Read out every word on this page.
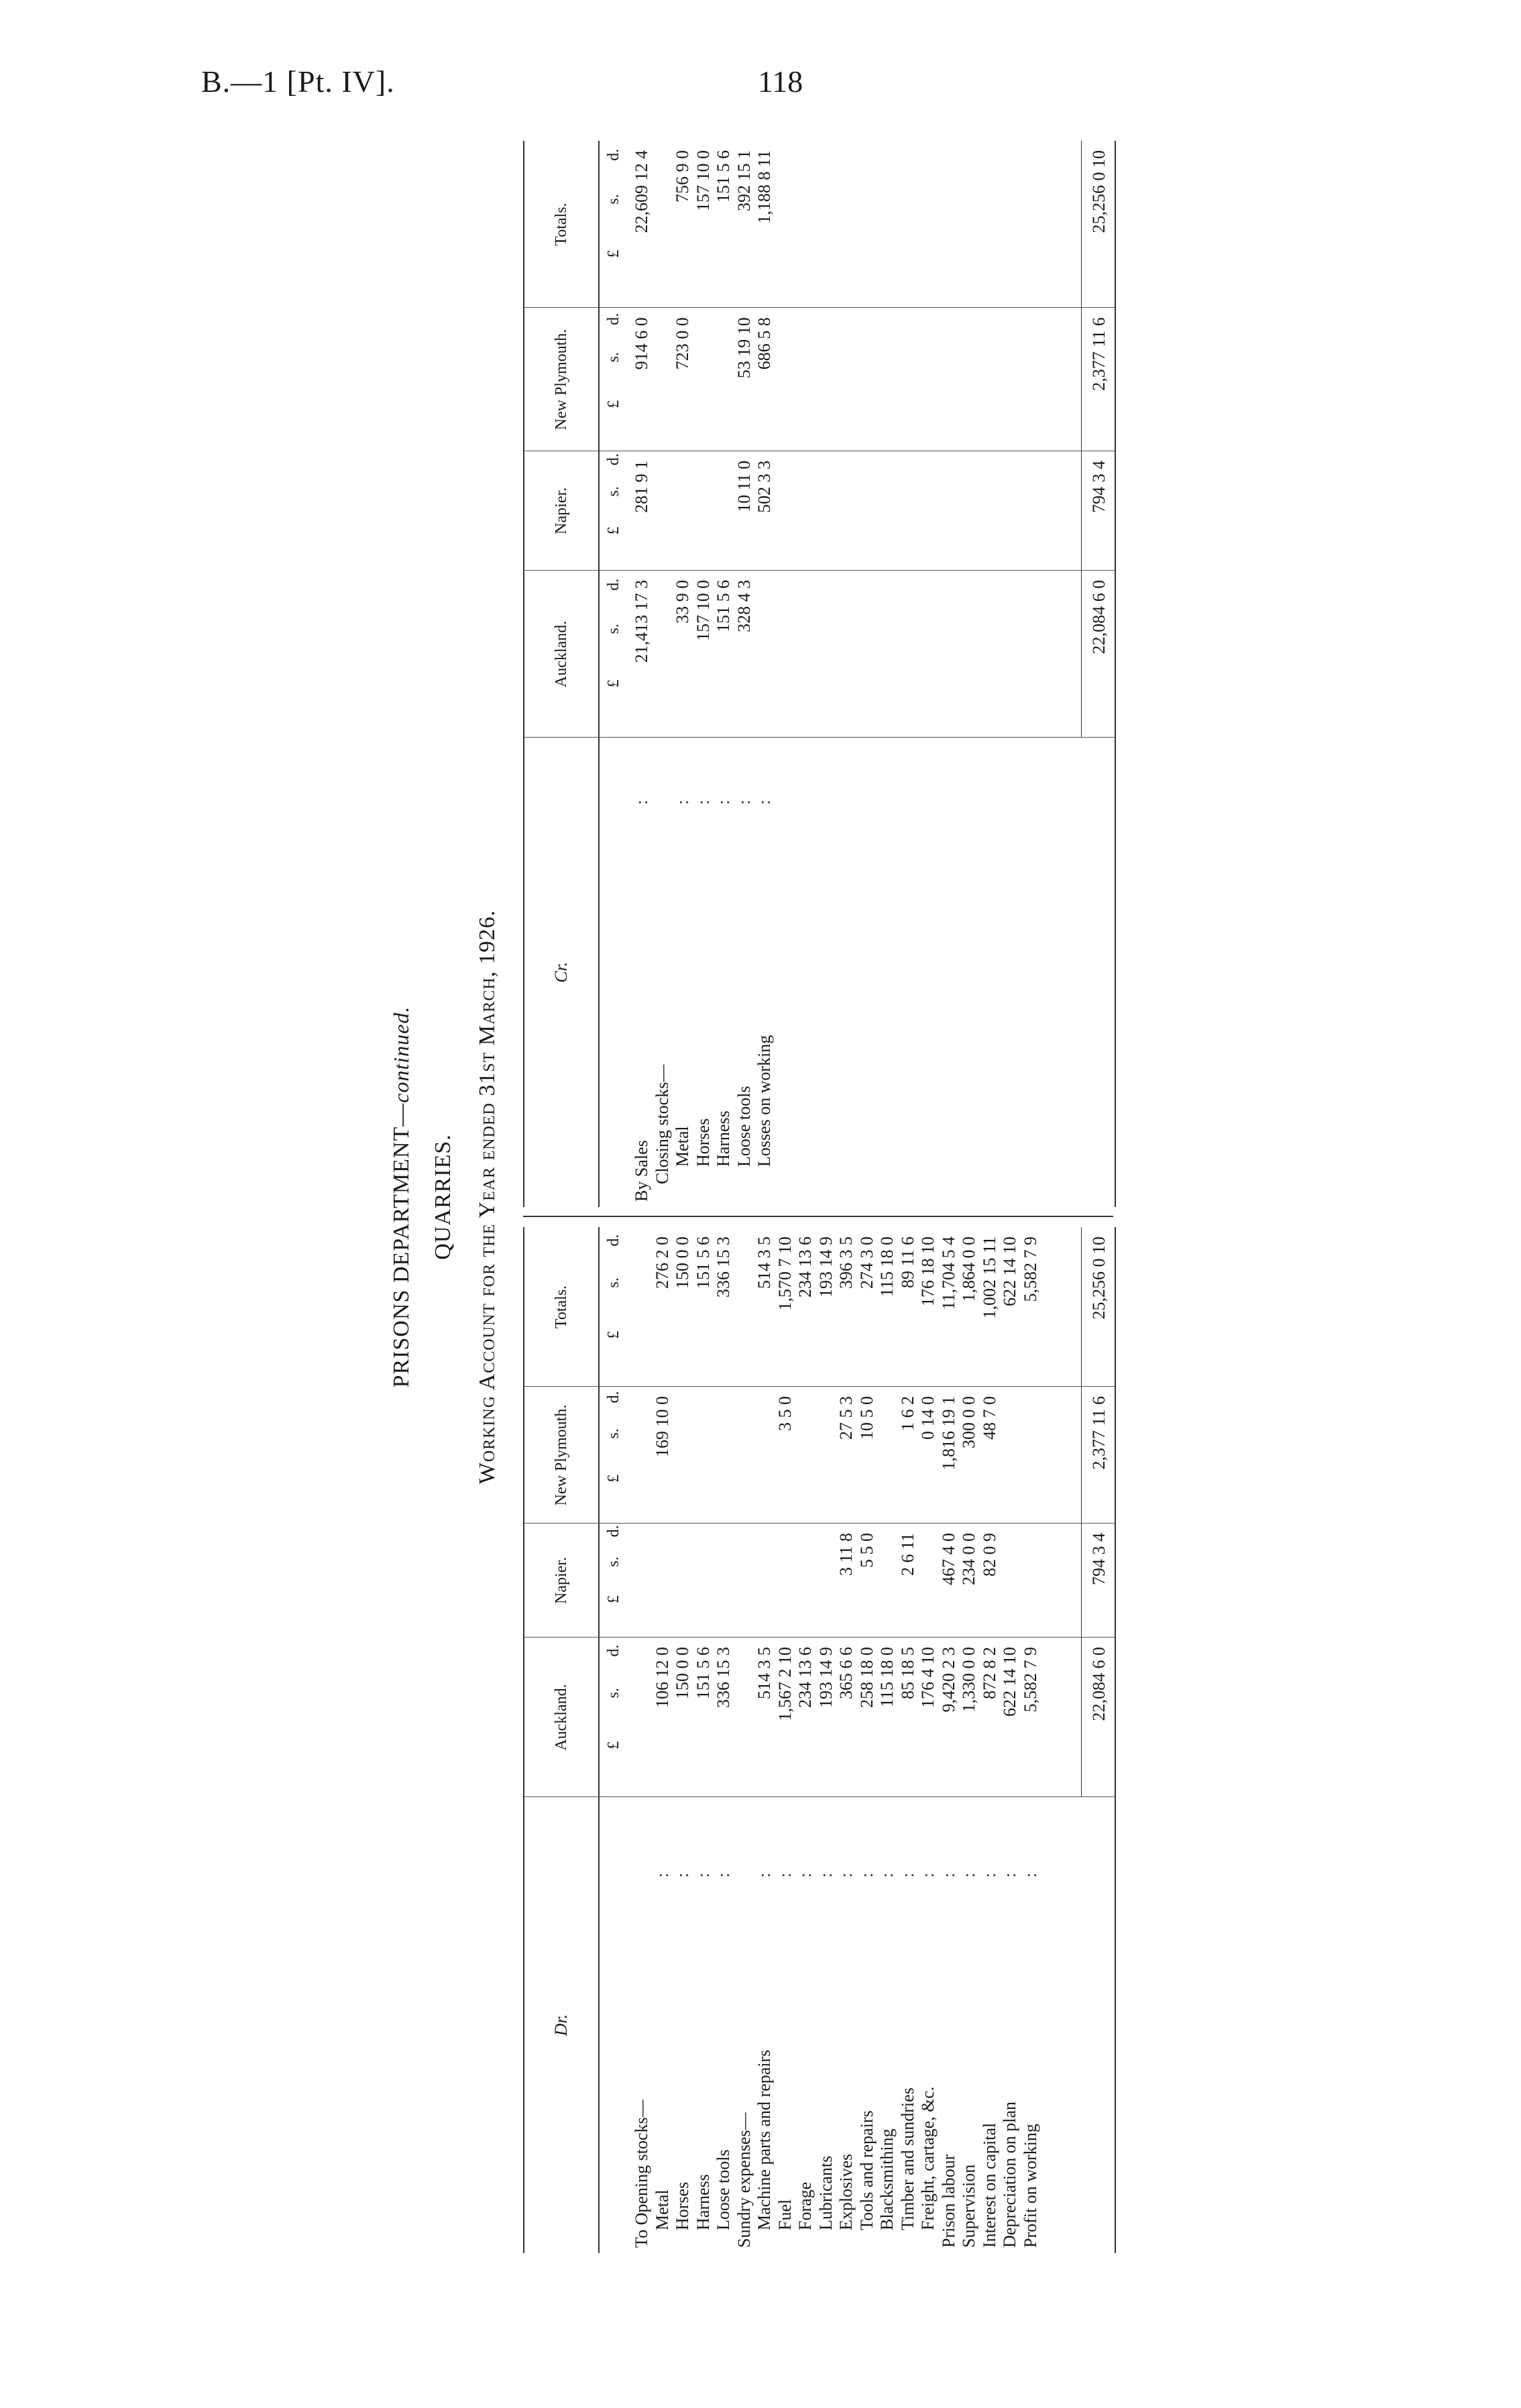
B.—1 [Pt. IV].	118
PRISONS DEPARTMENT—continued.
QUARRIES. Working Account for the Year ended 31st March, 1926.
Dr.
Auckland.
Napier.
New Plymouth.
Totals.
£
s.
d.
£
s.
d.
£
s.
d.
£
s.
d.
To Opening stocks— Metal
:
106 12 0
169 10 0
276 2 0
Horses
:
150 0 0
150 0 0
Harness
:
151 5 6
151 5 6
Loose tools
:
336 15 3
336 15 3
Sundry expenses— Machine parts and repairs
:
514 3 5
514 3 5
Fuel
:
1,567 2 10
3 5 0
1,570 7 10
Forage
:
234 13 6
234 13 6
Lubricants
:
193 14 9
193 14 9
Explosives
:
365 6 6
3 11 8
27 5 3
396 3 5
Tools and repairs
:
258 18 0
5 5 0
10 5 0
274 3 0
Blacksmithing
:
115 18 0
115 18 0
Timber and sundries
:
85 18 5
2 6 11
1 6 2
89 11 6
Freight, cartage, &c.
:
176 4 10
0 14 0
176 18 10
Prison labour
:
9,420 2 3
467 4 0
1,816 19 1
11,704 5 4
Supervision
:
1,330 0 0
234 0 0
300 0 0
1,864 0 0
Interest on capital
:
872 8 2
82 0 9
48 7 0
1,002 15 11
Depreciation on plan
:
622 14 10
622 14 10
Profit on working
:
5,582 7 9
5,582 7 9
22,084 6 0
794 3 4
2,377 11 6
25,256 0 10
Cr.
Auckland.
Napier.
New Plymouth.
Totals.
£
s.
d.
£
s.
d.
£
s.
d.
£
s.
d.
By Sales
:
21,413 17 3
281 9 1
914 6 0
22,609 12 4
Closing stocks— Metal
:
33 9 0
723 0 0
756 9 0
Horses
:
157 10 0
157 10 0
Harness
:
151 5 6
151 5 6
Loose tools
:
328 4 3
10 11 0
53 19 10
392 15 1
Losses on working
:
502 3 3
686 5 8
1,188 8 11
22,084 6 0
794 3 4
2,377 11 6
25,256 0 10
